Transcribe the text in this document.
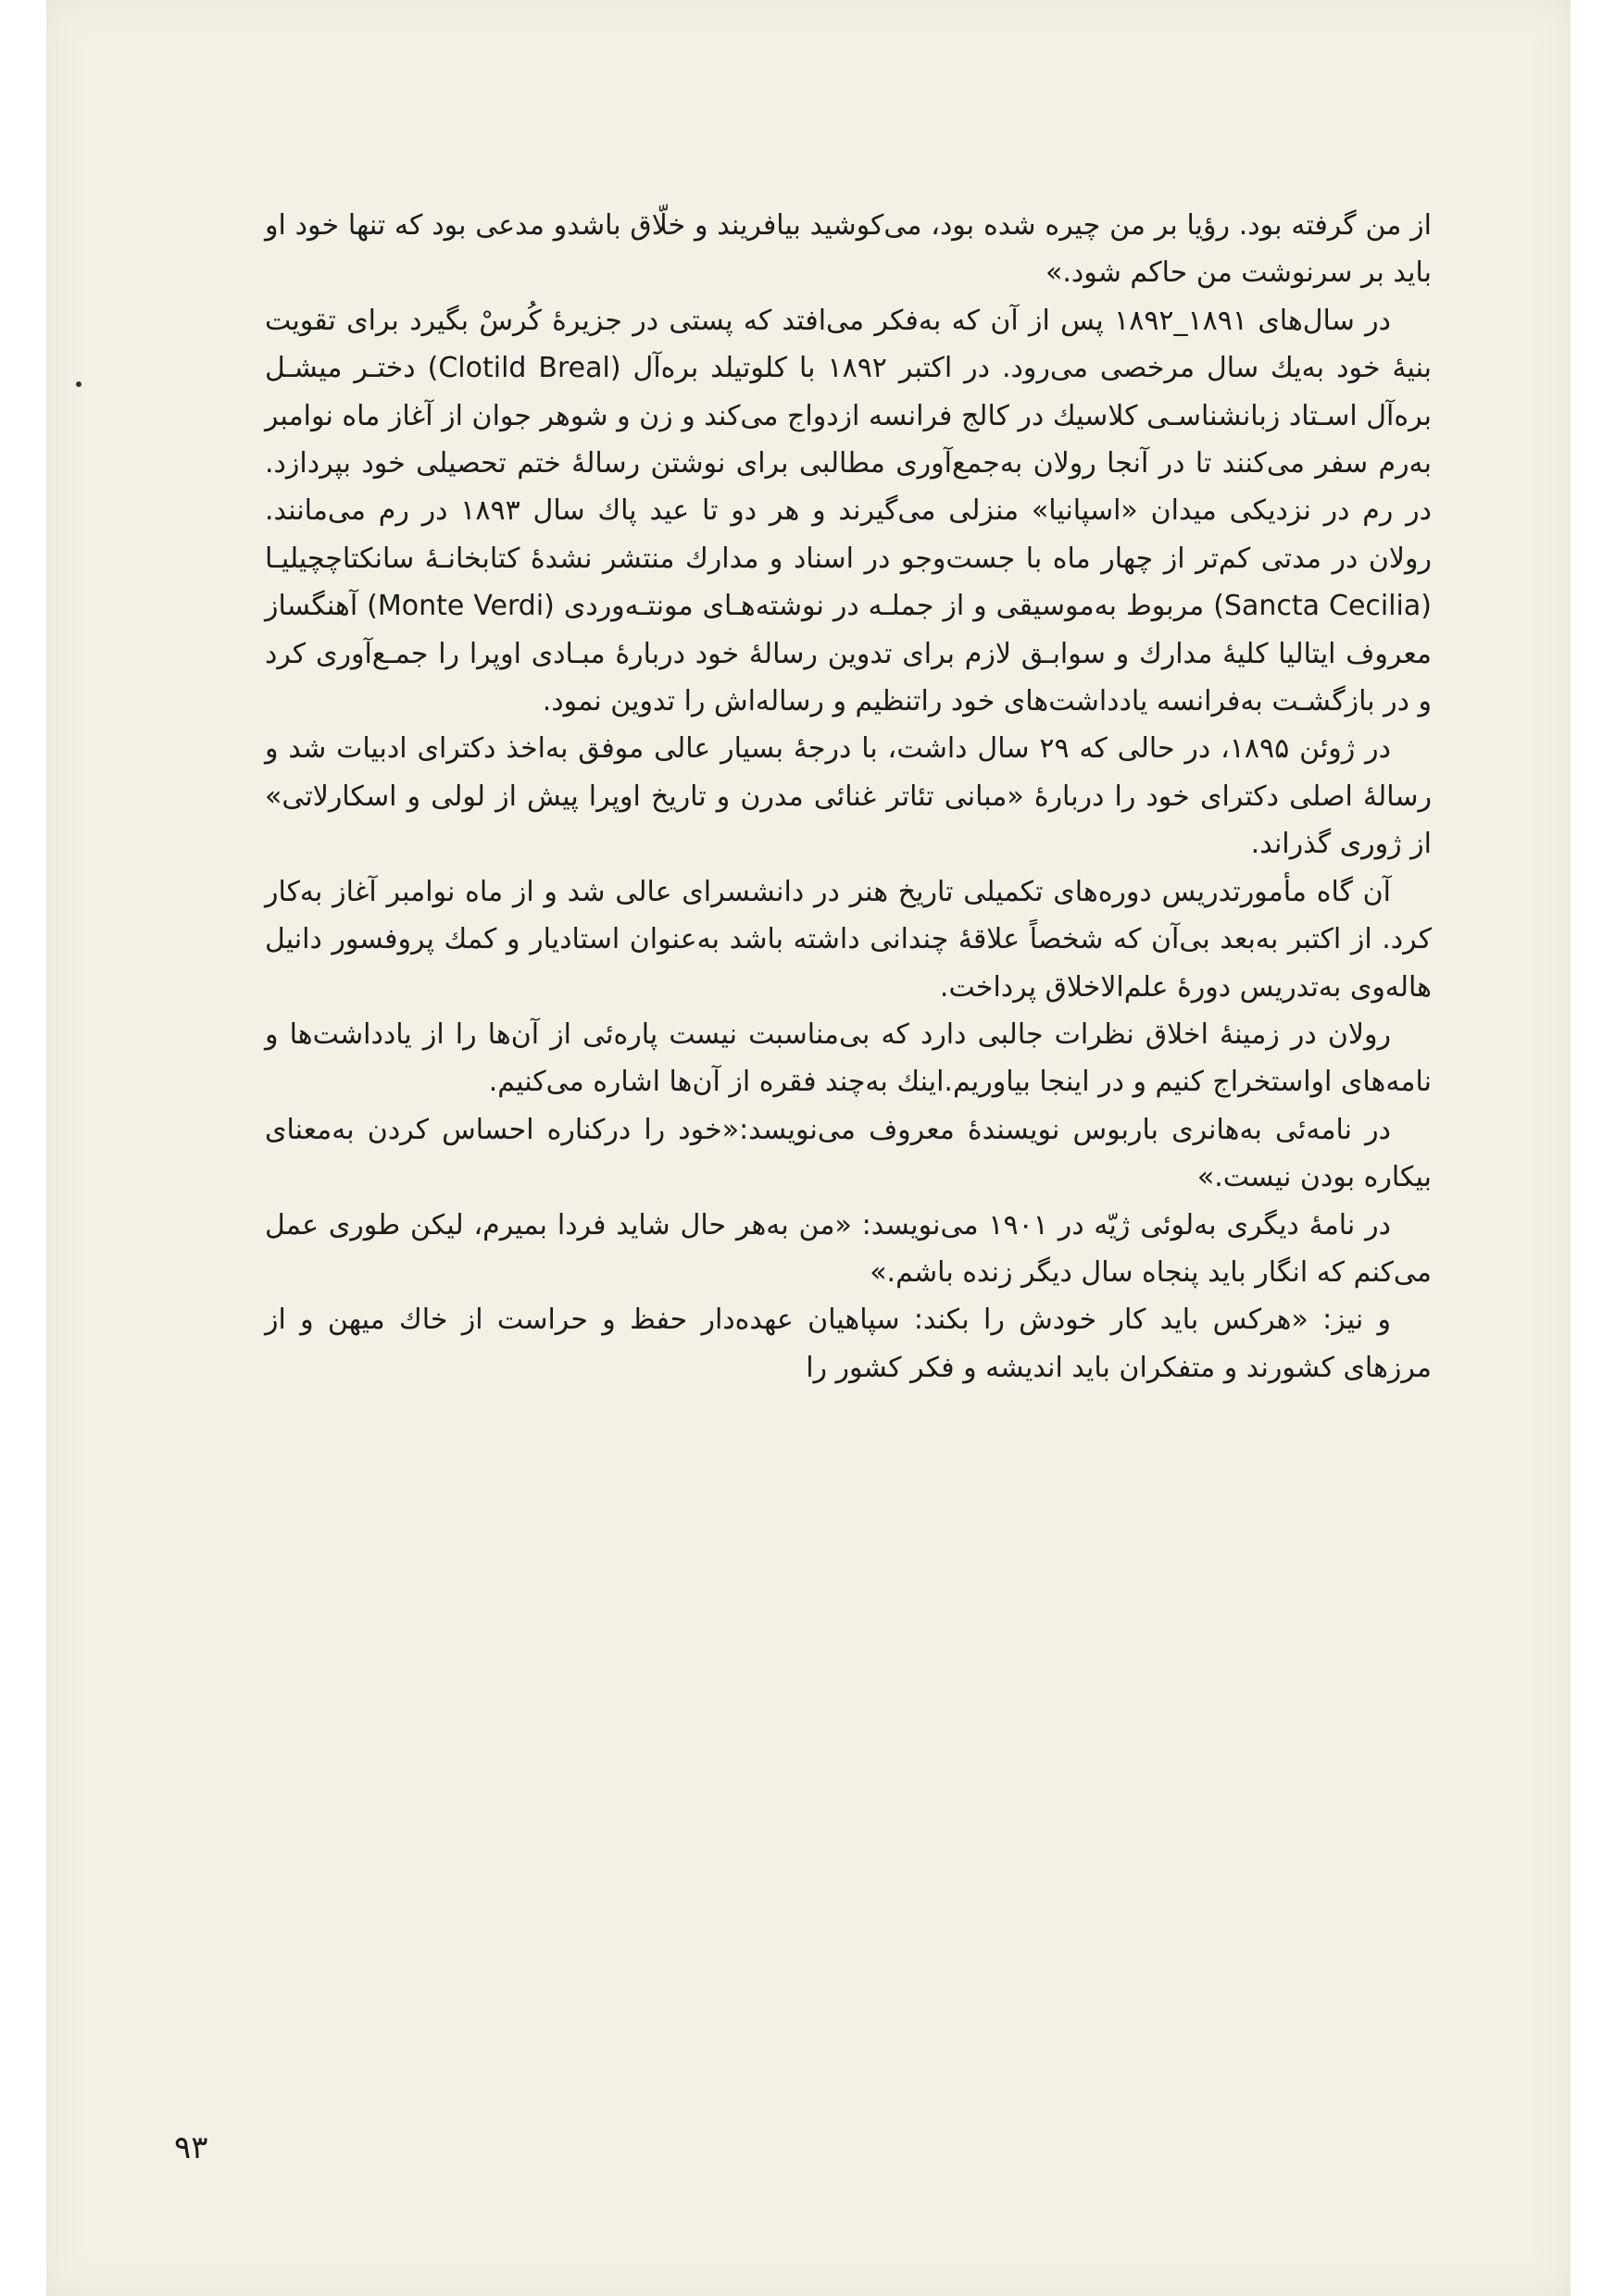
از من گرفته بود. رؤیا بر من چیره شده بود، می‌کوشید بیافریند و خلّاق باشدو مدعی بود که تنها خود او باید بر سرنوشت من حاکم شود.»

در سال‌های ۱۸۹۱_۱۸۹۲ پس از آن که به‌فکر می‌افتد که پستی در جزیرهٔ کُرسْ بگیرد برای تقویت بنیهٔ خود به‌یك سال مرخصی می‌رود. در اکتبر ۱۸۹۲ با کلوتیلد بره‌آل (Clotild Breal) دختـر میشـل بره‌آل اسـتاد زبانشناسـی کلاسیك در کالج فرانسه ازدواج می‌کند و زن و شوهر جوان از آغاز ماه نوامبر به‌رم سفر می‌کنند تا در آنجا رولان به‌جمع‌آوری مطالبی برای نوشتن رسالهٔ ختم تحصیلی خود بپردازد. در رم در نزدیکی میدان «اسپانیا» منزلی می‌گیرند و هر دو تا عید پاك سال ۱۸۹۳ در رم می‌مانند. رولان در مدتی کم‌تر از چهار ماه با جست‌وجو در اسناد و مدارك منتشر نشدهٔ کتابخانـهٔ سانکتاچچیلیـا (Sancta Cecilia) مربوط به‌موسیقی و از جملـه در نوشته‌هـای مونتـه‌وردی (Monte Verdi) آهنگساز معروف ایتالیا کلیهٔ مدارك و سوابـق لازم برای تدوین رسالهٔ خود دربارهٔ مبـادی اوپرا را جمـع‌آوری کرد و در بازگشـت به‌فرانسه یادداشت‌های خود راتنظیم و رساله‌اش را تدوین نمود.

در ژوئن ۱۸۹۵، در حالی که ۲۹ سال داشت، با درجهٔ بسیار عالی موفق به‌اخذ دکترای ادبیات شد و رسالهٔ اصلی دکترای خود را دربارهٔ «مبانی تئاتر غنائی مدرن و تاریخ اوپرا پیش از لولی و اسکارلاتی» از ژوری گذراند.

آن گاه مأمورتدریس دوره‌های تکمیلی تاریخ هنر در دانشسرای عالی شد و از ماه نوامبر آغاز به‌کار کرد. از اکتبر به‌بعد بی‌آن که شخصاً علاقهٔ چندانی داشته باشد به‌عنوان استادیار و کمك پروفسور دانیل هاله‌وی به‌تدریس دورهٔ علم‌الاخلاق پرداخت.

رولان در زمینهٔ اخلاق نظرات جالبی دارد که بی‌مناسبت نیست پاره‌ئی از آن‌ها را از یادداشت‌ها و نامه‌های اواستخراج کنیم و در اینجا بیاوریم.اینك به‌چند فقره از آن‌ها اشاره می‌کنیم.

در نامه‌ئی به‌هانری باربوس نویسندهٔ معروف می‌نویسد:«خود را درکناره احساس کردن به‌معنای بیکاره بودن نیست.»

در نامهٔ دیگری به‌لوئی ژیّه در ۱۹۰۱ می‌نویسد: «من به‌هر حال شاید فردا بمیرم، لیکن طوری عمل می‌کنم که انگار باید پنجاه سال دیگر زنده باشم.»

و نیز: «هرکس باید کار خودش را بکند: سپاهیان عهده‌دار حفظ و حراست از خاك میهن و از مرزهای کشورند و متفکران باید اندیشه و فکر کشور را

۹۳
